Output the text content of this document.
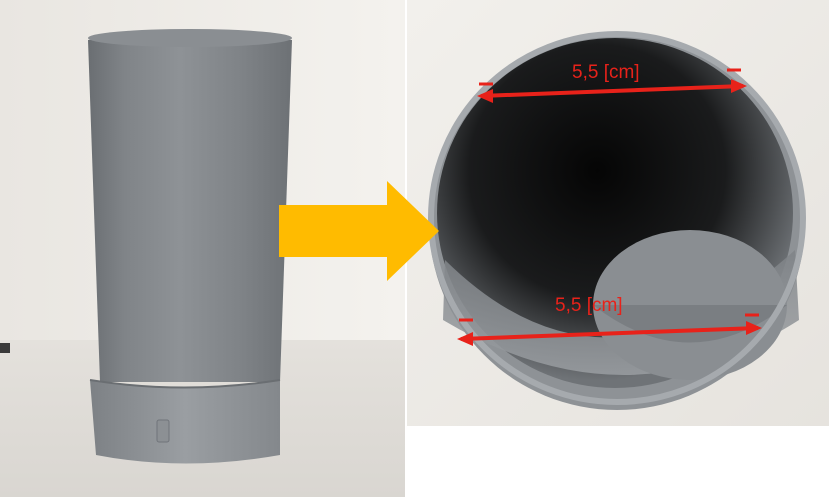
5,5 [cm]
5,5 [cm]
